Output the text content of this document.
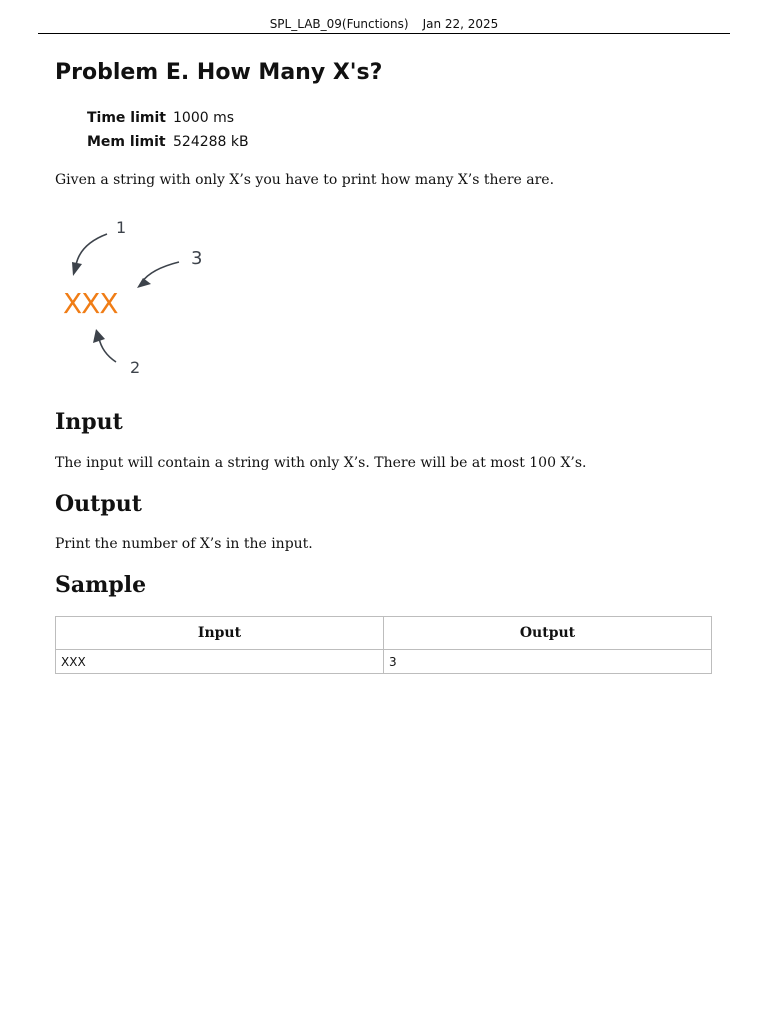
SPL_LAB_09(Functions) Jan 22, 2025
Problem E. How Many X's?
Time limit 1000 ms
Mem limit 524288 kB

Given a string with only X’s you have to print how many X’s there are.

XXX
1
3
2
Input

The input will contain a string with only X’s. There will be at most 100 X’s.

Output

Print the number of X’s in the input.

Sample
Input	Output
XXX	3
